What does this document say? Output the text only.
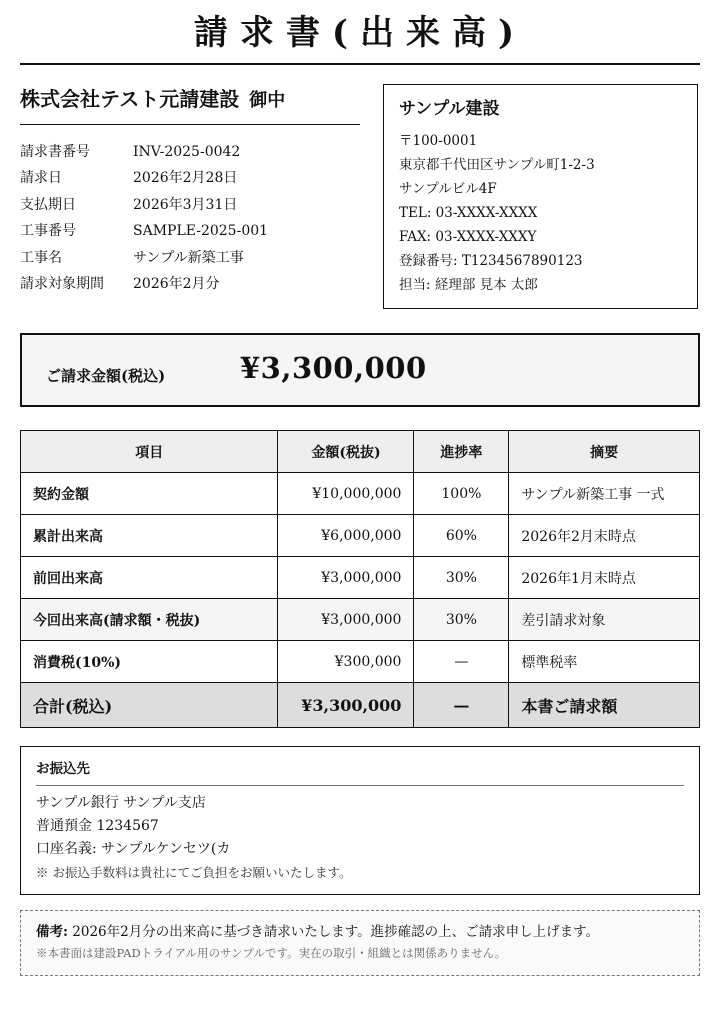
請求書(出来高)
株式会社テスト元請建設 御中
請求書番号	INV-2025-0042
請求日	2026年2月28日
支払期日	2026年3月31日
工事番号	SAMPLE-2025-001
工事名	サンプル新築工事
請求対象期間	2026年2月分
サンプル建設
〒100-0001
東京都千代田区サンプル町1-2-3
サンプルビル4F
TEL: 03-XXXX-XXXX
FAX: 03-XXXX-XXXY
登録番号: T1234567890123
担当: 経理部 見本 太郎
ご請求金額(税込)	¥3,300,000
項目	金額(税抜)	進捗率	摘要
契約金額	¥10,000,000	100%	サンプル新築工事 一式
累計出来高	¥6,000,000	60%	2026年2月末時点
前回出来高	¥3,000,000	30%	2026年1月末時点
今回出来高(請求額・税抜)	¥3,000,000	30%	差引請求対象
消費税(10%)	¥300,000	—	標準税率
合計(税込)	¥3,300,000	—	本書ご請求額
お振込先
サンプル銀行 サンプル支店
普通預金 1234567
口座名義: サンプルケンセツ(カ
※ お振込手数料は貴社にてご負担をお願いいたします。
備考: 2026年2月分の出来高に基づき請求いたします。進捗確認の上、ご請求申し上げます。
※本書面は建設PADトライアル用のサンプルです。実在の取引・組織とは関係ありません。
